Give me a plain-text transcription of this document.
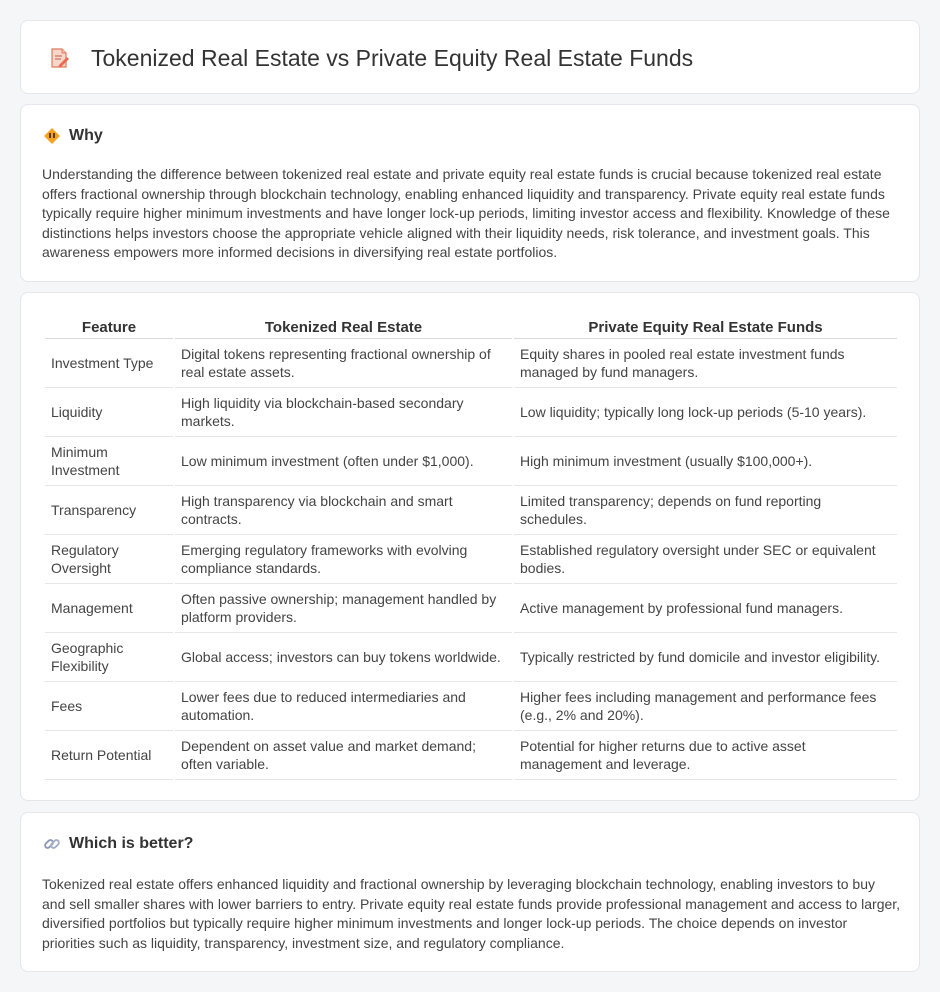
Tokenized Real Estate vs Private Equity Real Estate Funds
Why

Understanding the difference between tokenized real estate and private equity real estate funds is crucial because tokenized real estate offers fractional ownership through blockchain technology, enabling enhanced liquidity and transparency. Private equity real estate funds typically require higher minimum investments and have longer lock-up periods, limiting investor access and flexibility. Knowledge of these distinctions helps investors choose the appropriate vehicle aligned with their liquidity needs, risk tolerance, and investment goals. This awareness empowers more informed decisions in diversifying real estate portfolios.

Feature	Tokenized Real Estate	Private Equity Real Estate Funds
Investment Type	Digital tokens representing fractional ownership of real estate assets.	Equity shares in pooled real estate investment funds managed by fund managers.
Liquidity	High liquidity via blockchain-based secondary markets.	Low liquidity; typically long lock-up periods (5-10 years).
Minimum Investment	Low minimum investment (often under $1,000).	High minimum investment (usually $100,000+).
Transparency	High transparency via blockchain and smart contracts.	Limited transparency; depends on fund reporting schedules.
Regulatory Oversight	Emerging regulatory frameworks with evolving compliance standards.	Established regulatory oversight under SEC or equivalent bodies.
Management	Often passive ownership; management handled by platform providers.	Active management by professional fund managers.
Geographic Flexibility	Global access; investors can buy tokens worldwide.	Typically restricted by fund domicile and investor eligibility.
Fees	Lower fees due to reduced intermediaries and automation.	Higher fees including management and performance fees (e.g., 2% and 20%).
Return Potential	Dependent on asset value and market demand; often variable.	Potential for higher returns due to active asset management and leverage.
Which is better?

Tokenized real estate offers enhanced liquidity and fractional ownership by leveraging blockchain technology, enabling investors to buy and sell smaller shares with lower barriers to entry. Private equity real estate funds provide professional management and access to larger, diversified portfolios but typically require higher minimum investments and longer lock-up periods. The choice depends on investor priorities such as liquidity, transparency, investment size, and regulatory compliance.
